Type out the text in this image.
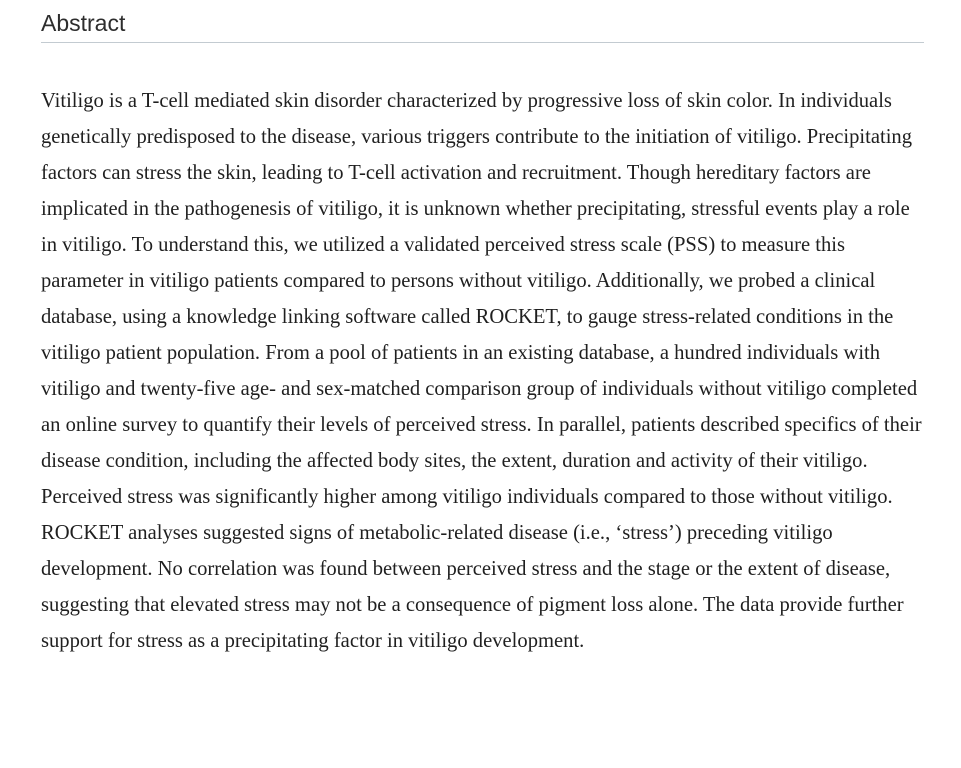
Abstract

Vitiligo is a T-cell mediated skin disorder characterized by progressive loss of skin color. In individuals genetically predisposed to the disease, various triggers contribute to the initiation of vitiligo. Precipitating factors can stress the skin, leading to T-cell activation and recruitment. Though hereditary factors are implicated in the pathogenesis of vitiligo, it is unknown whether precipitating, stressful events play a role in vitiligo. To understand this, we utilized a validated perceived stress scale (PSS) to measure this parameter in vitiligo patients compared to persons without vitiligo. Additionally, we probed a clinical database, using a knowledge linking software called ROCKET, to gauge stress-related conditions in the vitiligo patient population. From a pool of patients in an existing database, a hundred individuals with vitiligo and twenty-five age- and sex-matched comparison group of individuals without vitiligo completed an online survey to quantify their levels of perceived stress. In parallel, patients described specifics of their disease condition, including the affected body sites, the extent, duration and activity of their vitiligo. Perceived stress was significantly higher among vitiligo individuals compared to those without vitiligo. ROCKET analyses suggested signs of metabolic-related disease (i.e., ‘stress’) preceding vitiligo development. No correlation was found between perceived stress and the stage or the extent of disease, suggesting that elevated stress may not be a consequence of pigment loss alone. The data provide further support for stress as a precipitating factor in vitiligo development.
